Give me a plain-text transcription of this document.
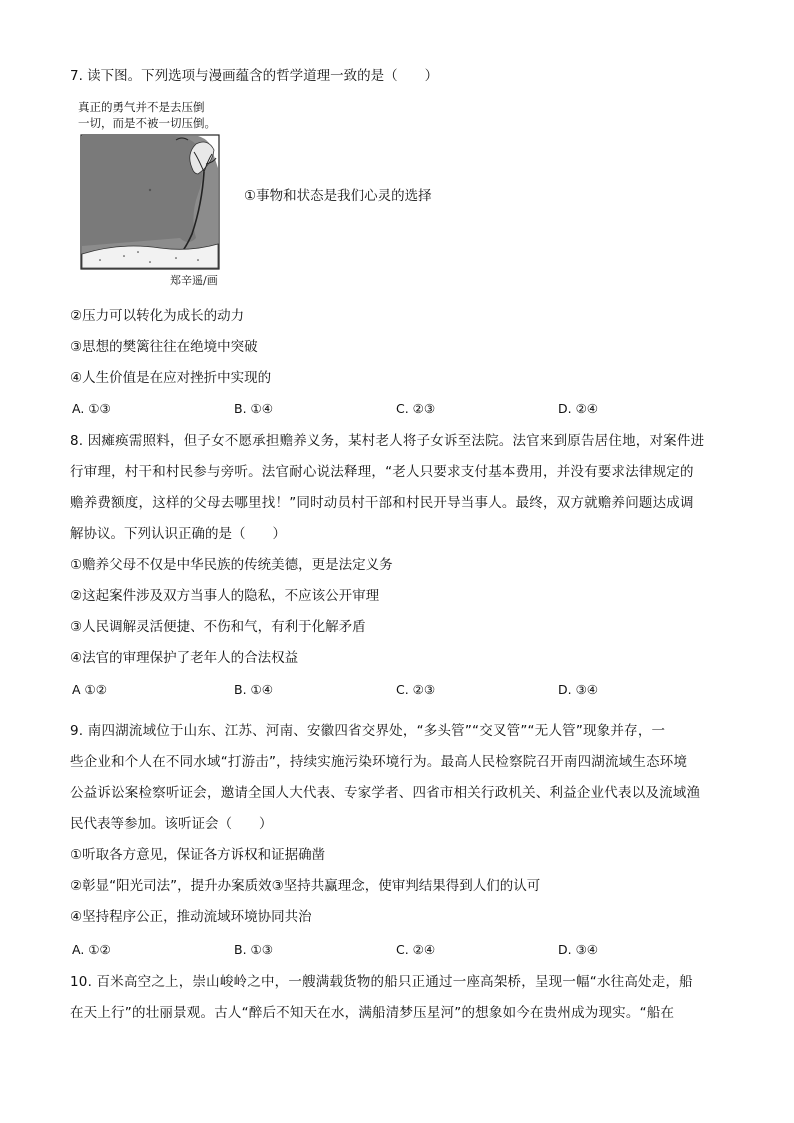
7. 读下图。下列选项与漫画蕴含的哲学道理一致的是（　　）
真正的勇气并不是去压倒
一切，而是不被一切压倒。
郑辛遥/画
①事物和状态是我们心灵的选择
②压力可以转化为成长的动力
③思想的樊篱往往在绝境中突破
④人生价值是在应对挫折中实现的
A. ①③	B. ①④	C. ②③	D. ②④
8. 因瘫痪需照料，但子女不愿承担赡养义务，某村老人将子女诉至法院。法官来到原告居住地，对案件进
行审理，村干和村民参与旁听。法官耐心说法释理，“老人只要求支付基本费用，并没有要求法律规定的
赡养费额度，这样的父母去哪里找！”同时动员村干部和村民开导当事人。最终，双方就赡养问题达成调
解协议。下列认识正确的是（　　）
①赡养父母不仅是中华民族的传统美德，更是法定义务
②这起案件涉及双方当事人的隐私，不应该公开审理
③人民调解灵活便捷、不伤和气，有利于化解矛盾
④法官的审理保护了老年人的合法权益
A ①②	B. ①④	C. ②③	D. ③④
9. 南四湖流域位于山东、江苏、河南、安徽四省交界处，“多头管”“交叉管”“无人管”现象并存，一
些企业和个人在不同水域“打游击”，持续实施污染环境行为。最高人民检察院召开南四湖流域生态环境
公益诉讼案检察听证会，邀请全国人大代表、专家学者、四省市相关行政机关、利益企业代表以及流域渔
民代表等参加。该听证会（　　）
①听取各方意见，保证各方诉权和证据确凿
②彰显“阳光司法”，提升办案质效③坚持共赢理念，使审判结果得到人们的认可
④坚持程序公正，推动流域环境协同共治
A. ①②	B. ①③	C. ②④	D. ③④
10. 百米高空之上，崇山峻岭之中，一艘满载货物的船只正通过一座高架桥，呈现一幅“水往高处走，船
在天上行”的壮丽景观。古人“醉后不知天在水，满船清梦压星河”的想象如今在贵州成为现实。“船在
